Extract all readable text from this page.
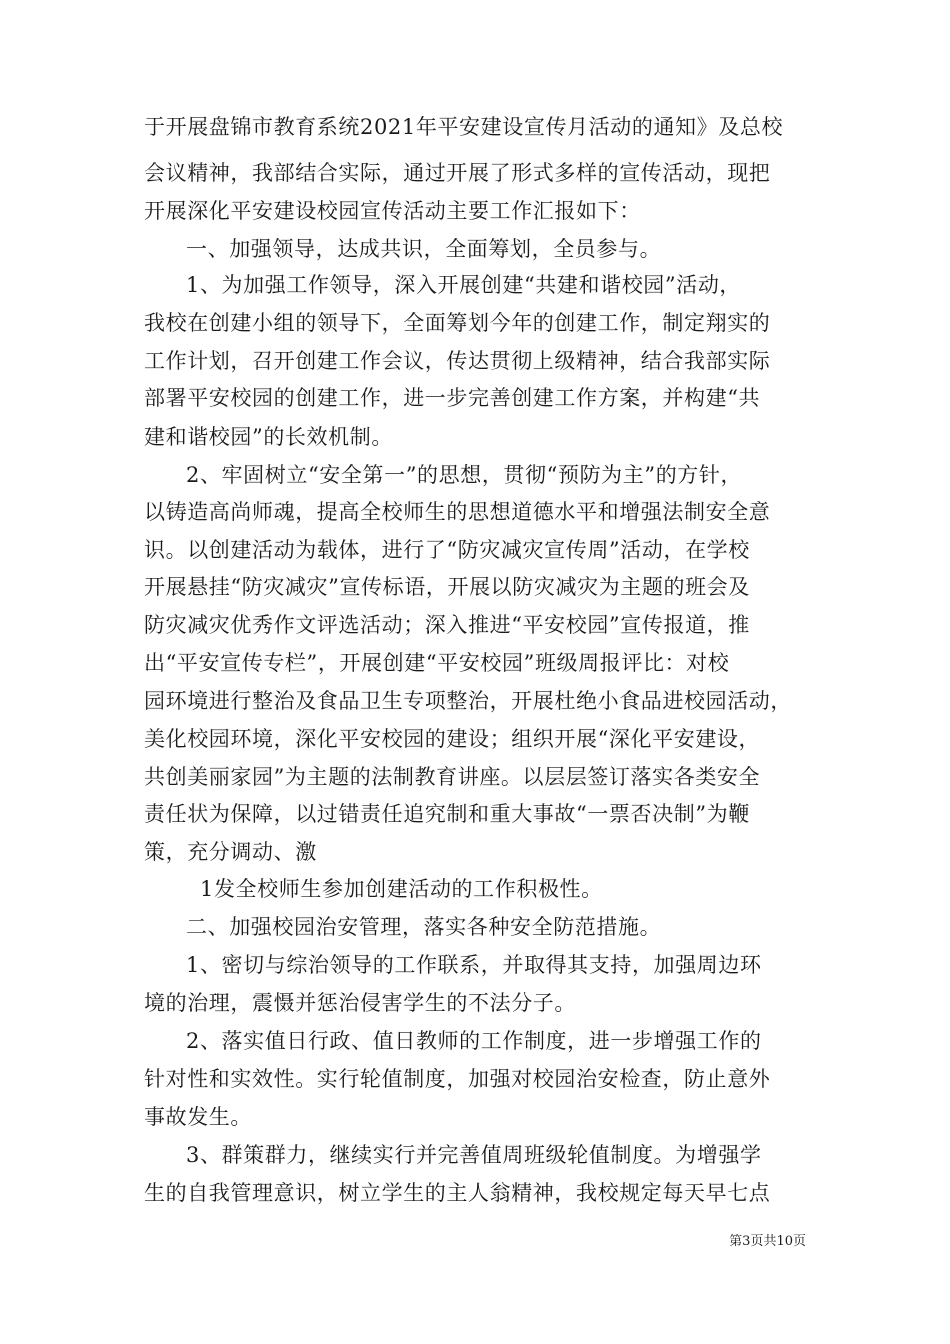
于开展盘锦市教育系统2021年平安建设宣传月活动的通知》及总校
会议精神，我部结合实际，通过开展了形式多样的宣传活动，现把
开展深化平安建设校园宣传活动主要工作汇报如下：
一、加强领导，达成共识，全面筹划，全员参与。
1、为加强工作领导，深入开展创建“共建和谐校园”活动，
我校在创建小组的领导下，全面筹划今年的创建工作，制定翔实的
工作计划，召开创建工作会议，传达贯彻上级精神，结合我部实际
部署平安校园的创建工作，进一步完善创建工作方案，并构建“共
建和谐校园”的长效机制。
2、牢固树立“安全第一”的思想，贯彻“预防为主”的方针，
以铸造高尚师魂，提高全校师生的思想道德水平和增强法制安全意
识。以创建活动为载体，进行了“防灾减灾宣传周”活动，在学校
开展悬挂“防灾减灾”宣传标语，开展以防灾减灾为主题的班会及
防灾减灾优秀作文评选活动；深入推进“平安校园”宣传报道，推
出“平安宣传专栏”，开展创建“平安校园”班级周报评比：对校
园环境进行整治及食品卫生专项整治，开展杜绝小食品进校园活动，
美化校园环境，深化平安校园的建设；组织开展“深化平安建设，
共创美丽家园”为主题的法制教育讲座。以层层签订落实各类安全
责任状为保障，以过错责任追究制和重大事故“一票否决制”为鞭
策，充分调动、激
1发全校师生参加创建活动的工作积极性。
二、加强校园治安管理，落实各种安全防范措施。
1、密切与综治领导的工作联系，并取得其支持，加强周边环
境的治理，震慑并惩治侵害学生的不法分子。
2、落实值日行政、值日教师的工作制度，进一步增强工作的
针对性和实效性。实行轮值制度，加强对校园治安检查，防止意外
事故发生。
3、群策群力，继续实行并完善值周班级轮值制度。为增强学
生的自我管理意识，树立学生的主人翁精神，我校规定每天早七点
第3页共10页
